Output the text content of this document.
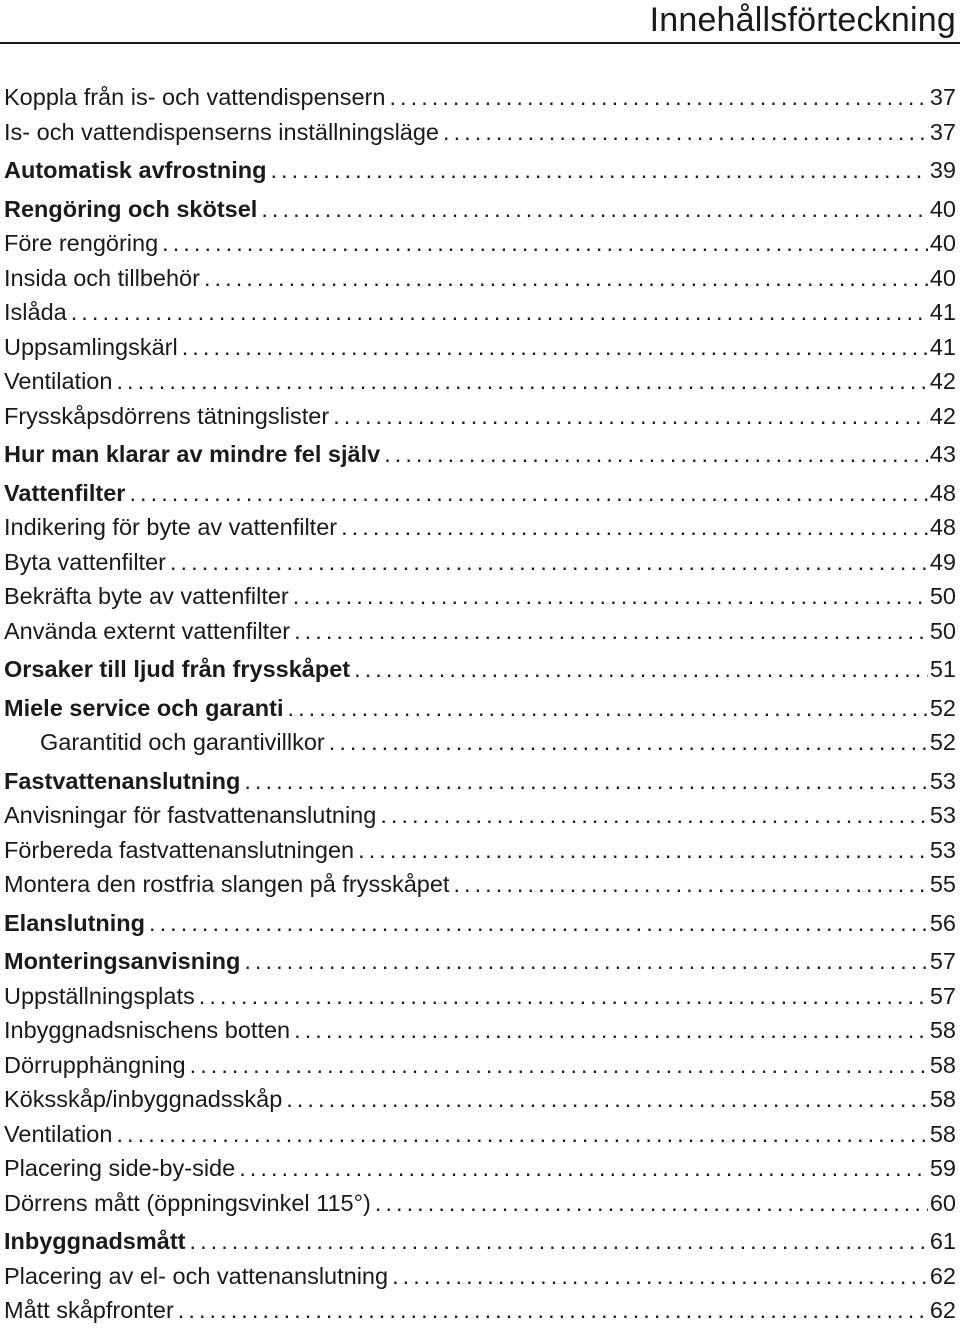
Innehållsförteckning
Koppla från is- och vattendispensern .....	37
Is- och vattendispenserns inställningsläge .....	37
Automatisk avfrostning .....	39
Rengöring och skötsel .....	40
Före rengöring .....	40
Insida och tillbehör .....	40
Islåda .....	41
Uppsamlingskärl .....	41
Ventilation .....	42
Frysskåpsdörrens tätningslister .....	42
Hur man klarar av mindre fel själv .....	43
Vattenfilter .....	48
Indikering för byte av vattenfilter .....	48
Byta vattenfilter .....	49
Bekräfta byte av vattenfilter .....	50
Använda externt vattenfilter .....	50
Orsaker till ljud från frysskåpet .....	51
Miele service och garanti .....	52
Garantitid och garantivillkor .....	52
Fastvattenanslutning .....	53
Anvisningar för fastvattenanslutning .....	53
Förbereda fastvattenanslutningen .....	53
Montera den rostfria slangen på frysskåpet .....	55
Elanslutning .....	56
Monteringsanvisning .....	57
Uppställningsplats .....	57
Inbyggnadsnischens botten .....	58
Dörrupphängning .....	58
Köksskåp/inbyggnadsskåp .....	58
Ventilation .....	58
Placering side-by-side .....	59
Dörrens mått (öppningsvinkel 115°) .....	60
Inbyggnadsmått .....	61
Placering av el- och vattenanslutning .....	62
Mått skåpfronter .....	62
